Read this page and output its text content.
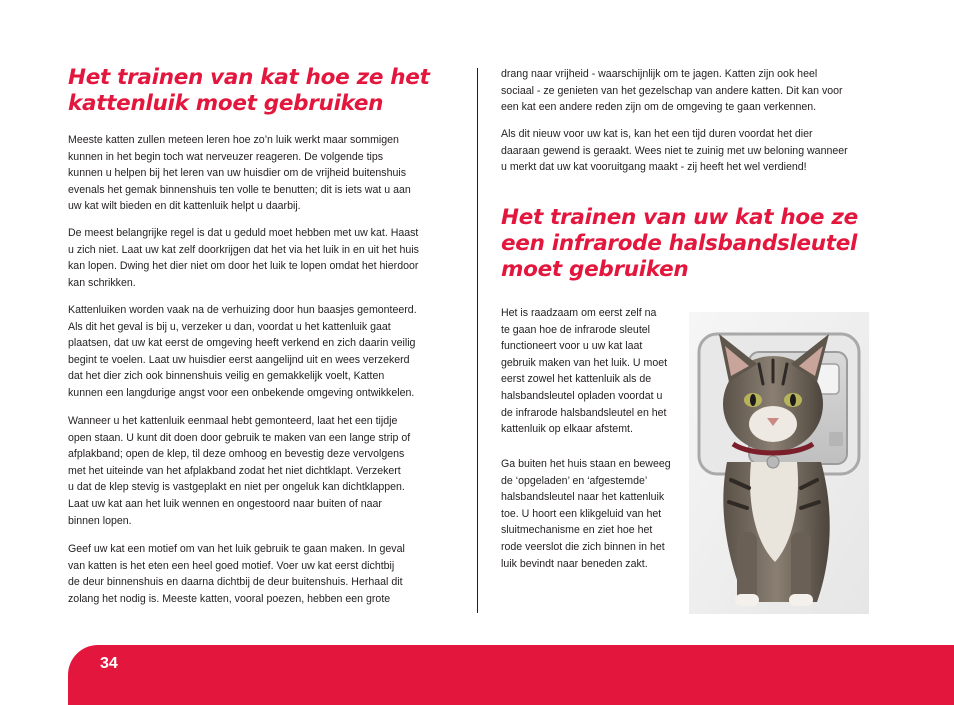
Het trainen van kat hoe ze het
kattenluik moet gebruiken

Meeste katten zullen meteen leren hoe zo’n luik werkt maar sommigen
kunnen in het begin toch wat nerveuzer reageren. De volgende tips
kunnen u helpen bij het leren van uw huisdier om de vrijheid buitenshuis
evenals het gemak binnenshuis ten volle te benutten; dit is iets wat u aan
uw kat wilt bieden en dit kattenluik helpt u daarbij.

De meest belangrijke regel is dat u geduld moet hebben met uw kat. Haast
u zich niet. Laat uw kat zelf doorkrijgen dat het via het luik in en uit het huis
kan lopen. Dwing het dier niet om door het luik te lopen omdat het hierdoor
kan schrikken.

Kattenluiken worden vaak na de verhuizing door hun baasjes gemonteerd.
Als dit het geval is bij u, verzeker u dan, voordat u het kattenluik gaat
plaatsen, dat uw kat eerst de omgeving heeft verkend en zich daarin veilig
begint te voelen. Laat uw huisdier eerst aangelijnd uit en wees verzekerd
dat het dier zich ook binnenshuis veilig en gemakkelijk voelt, Katten
kunnen een langdurige angst voor een onbekende omgeving ontwikkelen.

Wanneer u het kattenluik eenmaal hebt gemonteerd, laat het een tijdje
open staan. U kunt dit doen door gebruik te maken van een lange strip of
afplakband; open de klep, til deze omhoog en bevestig deze vervolgens
met het uiteinde van het afplakband zodat het niet dichtklapt. Verzekert
u dat de klep stevig is vastgeplakt en niet per ongeluk kan dichtklappen.
Laat uw kat aan het luik wennen en ongestoord naar buiten of naar
binnen lopen.

Geef uw kat een motief om van het luik gebruik te gaan maken. In geval
van katten is het eten een heel goed motief. Voer uw kat eerst dichtbij
de deur binnenshuis en daarna dichtbij de deur buitenshuis. Herhaal dit
zolang het nodig is. Meeste katten, vooral poezen, hebben een grote

drang naar vrijheid - waarschijnlijk om te jagen. Katten zijn ook heel
sociaal - ze genieten van het gezelschap van andere katten. Dit kan voor
een kat een andere reden zijn om de omgeving te gaan verkennen.

Als dit nieuw voor uw kat is, kan het een tijd duren voordat het dier
daaraan gewend is geraakt. Wees niet te zuinig met uw beloning wanneer
u merkt dat uw kat vooruitgang maakt - zij heeft het wel verdiend!

Het trainen van uw kat hoe ze
een infrarode halsbandsleutel
moet gebruiken

Het is raadzaam om eerst zelf na
te gaan hoe de infrarode sleutel
functioneert voor u uw kat laat
gebruik maken van het luik. U moet
eerst zowel het kattenluik als de
halsbandsleutel opladen voordat u
de infrarode halsbandsleutel en het
kattenluik op elkaar afstemt.

Ga buiten het huis staan en beweeg
de ‘opgeladen’ en ‘afgestemde’
halsbandsleutel naar het kattenluik
toe. U hoort een klikgeluid van het
sluitmechanisme en ziet hoe het
rode veerslot die zich binnen in het
luik bevindt naar beneden zakt.

34
